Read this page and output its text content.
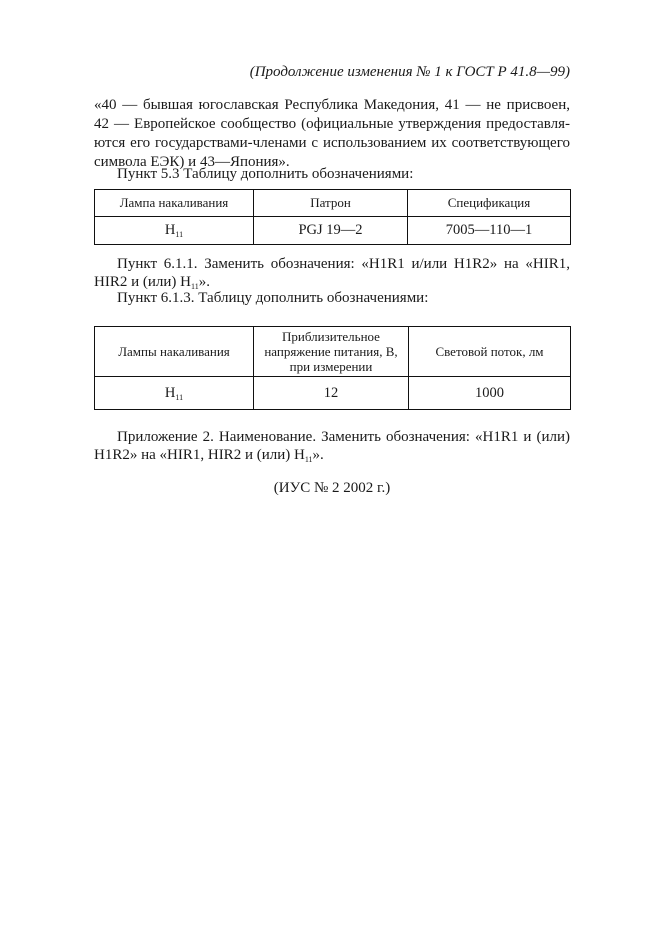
(Продолжение изменения № 1 к ГОСТ Р 41.8—99)
«40 — бывшая югославская Республика Македония, 41 — не присвоен,
42 — Европейское сообщество (официальные утверждения предоставля-
ются его государствами-членами с использованием их соответствующего
символа ЕЭК) и 43—Япония».
Пункт 5.3 Таблицу дополнить обозначениями:
Лампа накаливания	Патрон	Спецификация
$H_{11}$	PGJ 19—2	7005—110—1
Пункт 6.1.1. Заменить обозначения: «H1R1 и/или H1R2» на «HIR1,
HIR2 и (или) $H_{11}$».
Пункт 6.1.3. Таблицу дополнить обозначениями:
Лампы накаливания	Приблизительное напряжение питания, В, при измерении	Световой поток, лм
$H_{11}$	12	1000
Приложение 2. Наименование. Заменить обозначения: «H1R1 и (или)
H1R2» на «HIR1, HIR2 и (или) $H_{11}$».
(ИУС № 2 2002 г.)
